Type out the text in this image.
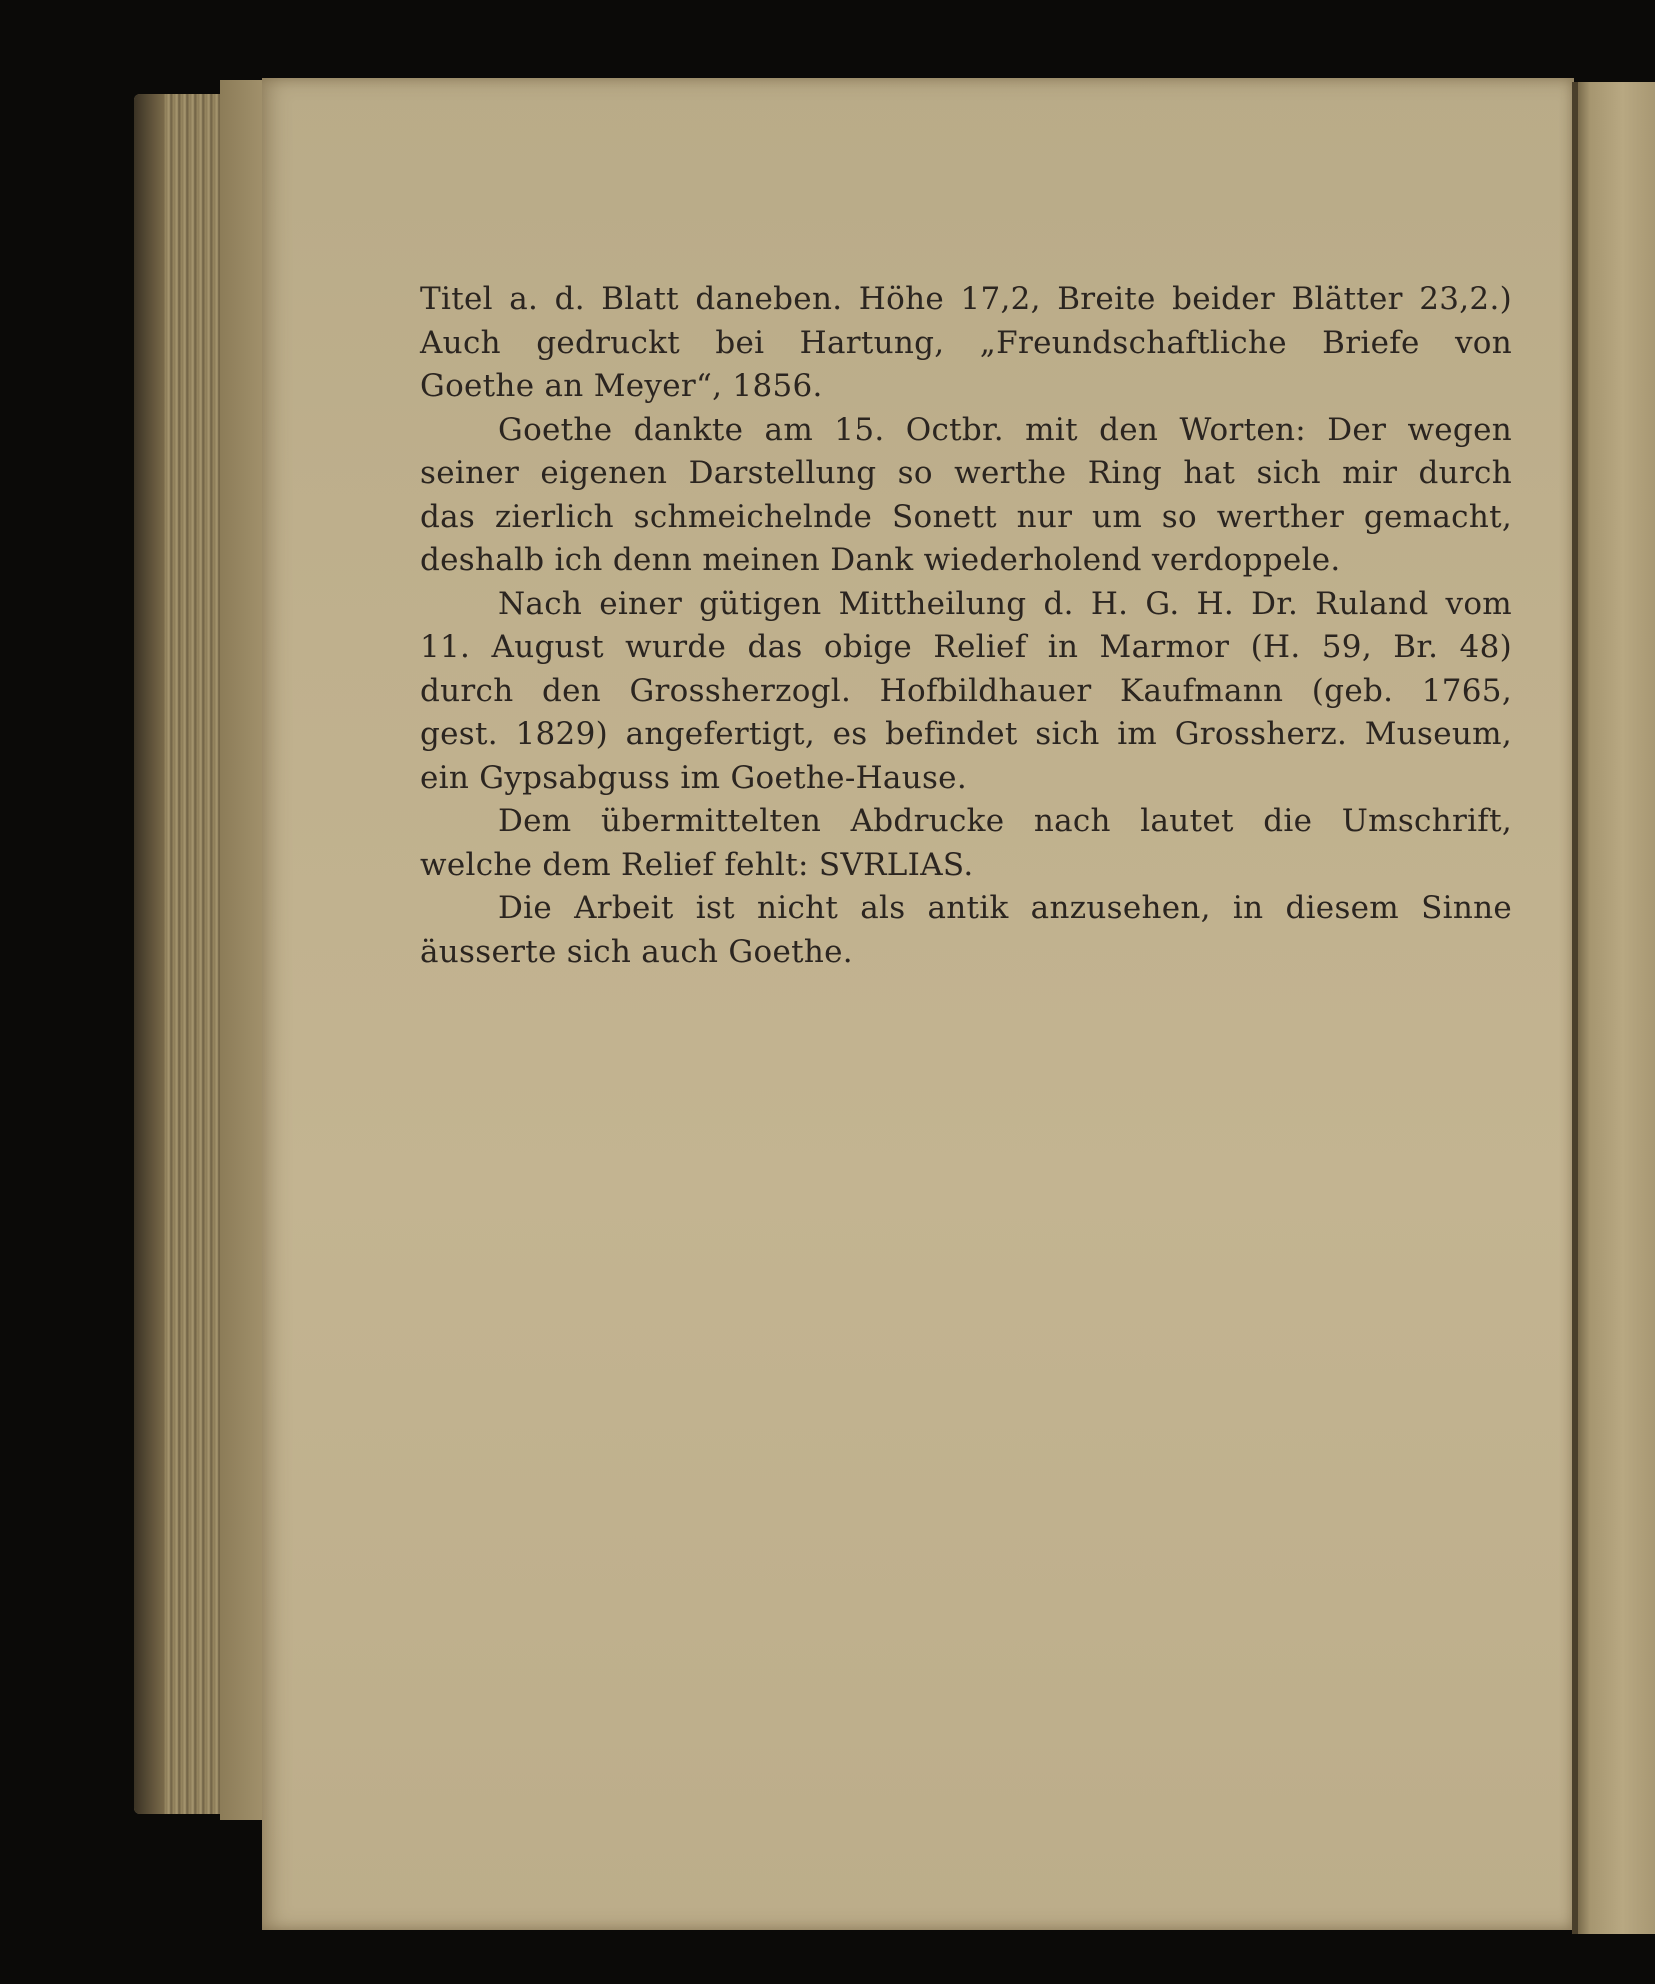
Titel a. d. Blatt daneben. Höhe 17,2, Breite beider Blätter 23,2.)

Auch gedruckt bei Hartung, „Freundschaftliche Briefe von

Goethe an Meyer“, 1856.

Goethe dankte am 15. Octbr. mit den Worten: Der wegen

seiner eigenen Darstellung so werthe Ring hat sich mir durch

das zierlich schmeichelnde Sonett nur um so werther gemacht,

deshalb ich denn meinen Dank wiederholend verdoppele.

Nach einer gütigen Mittheilung d. H. G. H. Dr. Ruland vom

11. August wurde das obige Relief in Marmor (H. 59, Br. 48)

durch den Grossherzogl. Hofbildhauer Kaufmann (geb. 1765,

gest. 1829) angefertigt, es befindet sich im Grossherz. Museum,

ein Gypsabguss im Goethe-Hause.

Dem übermittelten Abdrucke nach lautet die Umschrift,

welche dem Relief fehlt: SVRLIAS.

Die Arbeit ist nicht als antik anzusehen, in diesem Sinne

äusserte sich auch Goethe.
